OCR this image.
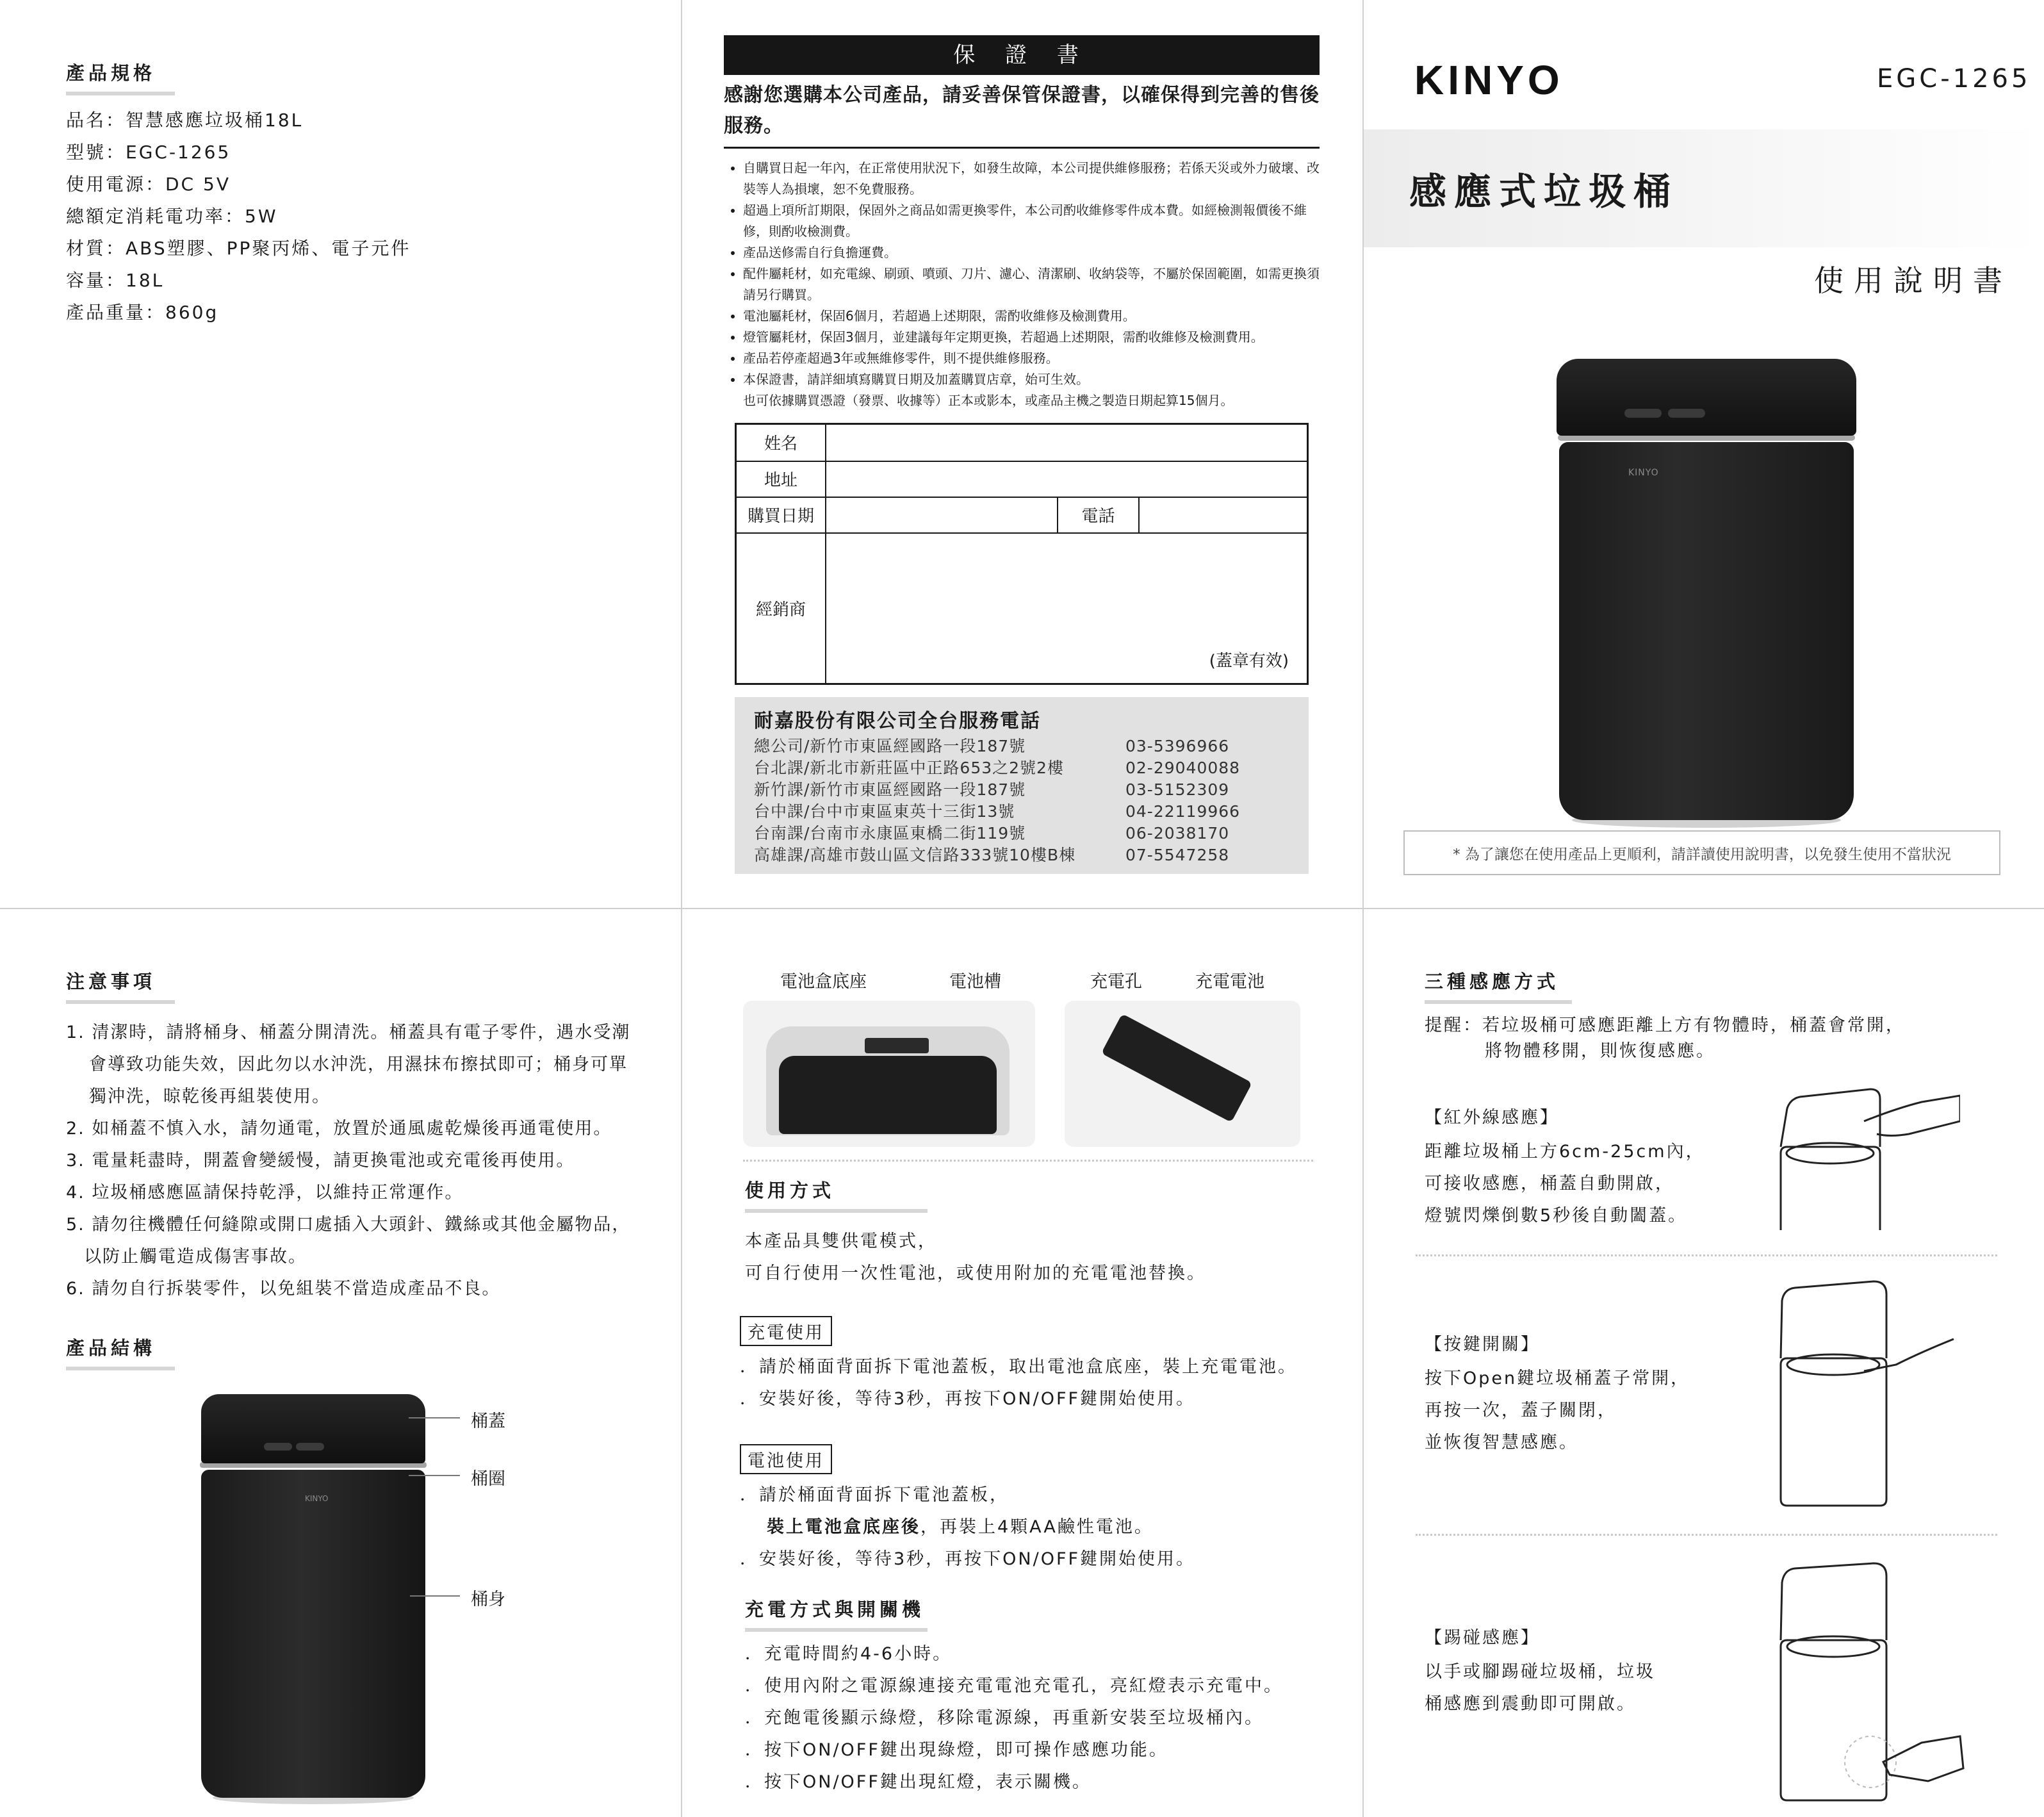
產品規格
品名：智慧感應垃圾桶18L
型號：EGC-1265
使用電源：DC 5V
總額定消耗電功率：5W
材質：ABS塑膠、PP聚丙烯、電子元件
容量：18L
產品重量：860g
保 證 書
感謝您選購本公司產品，請妥善保管保證書，以確保得到完善的售後服務。
• 自購買日起一年內，在正常使用狀況下，如發生故障，本公司提供維修服務；若係天災或外力破壞、改裝等人為損壞，恕不免費服務。
• 超過上項所訂期限，保固外之商品如需更換零件，本公司酌收維修零件成本費。如經檢測報價後不維修，則酌收檢測費。
• 產品送修需自行負擔運費。
• 配件屬耗材，如充電線、刷頭、噴頭、刀片、濾心、清潔刷、收納袋等，不屬於保固範圍，如需更換須請另行購買。
• 電池屬耗材，保固6個月，若超過上述期限，需酌收維修及檢測費用。
• 燈管屬耗材，保固3個月，並建議每年定期更換，若超過上述期限，需酌收維修及檢測費用。
• 產品若停產超過3年或無維修零件，則不提供維修服務。
• 本保證書，請詳細填寫購買日期及加蓋購買店章，始可生效。
也可依據購買憑證（發票、收據等）正本或影本，或產品主機之製造日期起算15個月。
姓名			
地址			
購買日期		電話	
經銷商	(蓋章有效)		
耐嘉股份有限公司全台服務電話
總公司/新竹市東區經國路一段187號	03-5396966
台北課/新北市新莊區中正路653之2號2樓	02-29040088
新竹課/新竹市東區經國路一段187號	03-5152309
台中課/台中市東區東英十三街13號	04-22119966
台南課/台南市永康區東橋二街119號	06-2038170
高雄課/高雄市鼓山區文信路333號10樓B棟	07-5547258
KINYO	EGC-1265
感應式垃圾桶
使用說明書
KINYO
* 為了讓您在使用產品上更順利，請詳讀使用說明書，以免發生使用不當狀況
注意事項
1. 清潔時，請將桶身、桶蓋分開清洗。桶蓋具有電子零件，遇水受潮
會導致功能失效，因此勿以水沖洗，用濕抹布擦拭即可；桶身可單
獨沖洗，晾乾後再組裝使用。
2. 如桶蓋不慎入水，請勿通電，放置於通風處乾燥後再通電使用。
3. 電量耗盡時，開蓋會變緩慢，請更換電池或充電後再使用。
4. 垃圾桶感應區請保持乾淨，以維持正常運作。
5. 請勿往機體任何縫隙或開口處插入大頭針、鐵絲或其他金屬物品，
以防止觸電造成傷害事故。
6. 請勿自行拆裝零件，以免組裝不當造成產品不良。
產品結構
KINYO
桶蓋
桶圈
桶身
電池盒底座	電池槽	充電孔	充電電池
使用方式
本產品具雙供電模式，
可自行使用一次性電池，或使用附加的充電電池替換。
充電使用
．請於桶面背面拆下電池蓋板，取出電池盒底座，裝上充電電池。
．安裝好後，等待3秒，再按下ON/OFF鍵開始使用。
電池使用
．請於桶面背面拆下電池蓋板，
裝上電池盒底座後，再裝上4顆AA鹼性電池。
．安裝好後，等待3秒，再按下ON/OFF鍵開始使用。
充電方式與開關機
．充電時間約4-6小時。
．使用內附之電源線連接充電電池充電孔，亮紅燈表示充電中。
．充飽電後顯示綠燈，移除電源線，再重新安裝至垃圾桶內。
．按下ON/OFF鍵出現綠燈，即可操作感應功能。
．按下ON/OFF鍵出現紅燈，表示關機。
三種感應方式
提醒：若垃圾桶可感應距離上方有物體時，桶蓋會常開，
將物體移開，則恢復感應。
【紅外線感應】
距離垃圾桶上方6cm-25cm內，
可接收感應，桶蓋自動開啟，
燈號閃爍倒數5秒後自動闔蓋。
【按鍵開關】
按下Open鍵垃圾桶蓋子常開，
再按一次，蓋子關閉，
並恢復智慧感應。
【踢碰感應】
以手或腳踢碰垃圾桶，垃圾
桶感應到震動即可開啟。
